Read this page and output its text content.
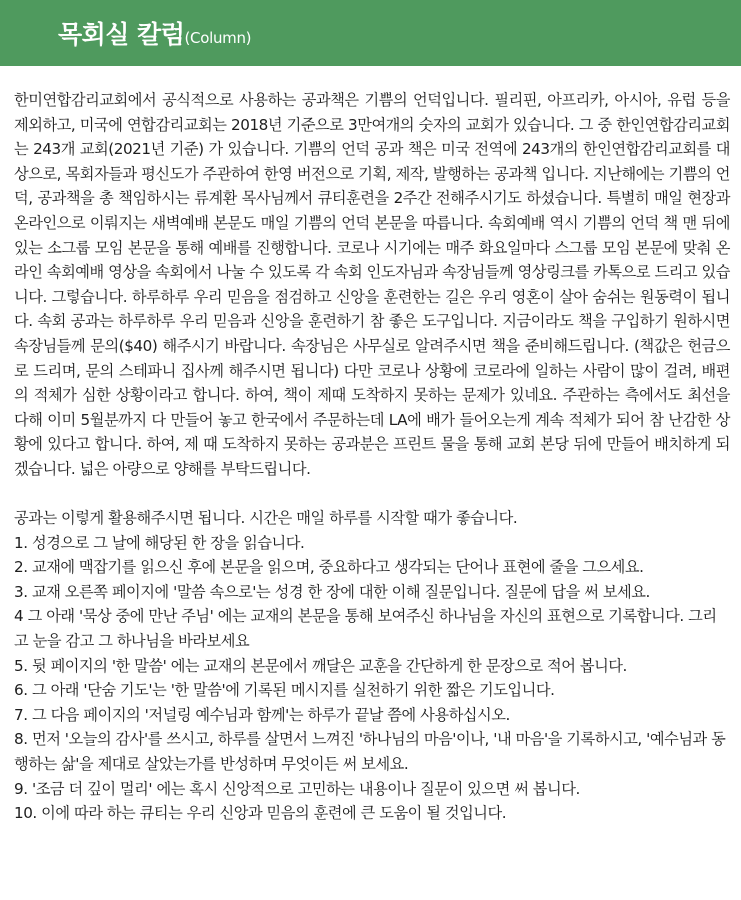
목회실 칼럼(Column)

한미연합감리교회에서 공식적으로 사용하는 공과책은 기쁨의 언덕입니다. 필리핀, 아프리카, 아시아, 유럽 등을 제외하고, 미국에 연합감리교회는 2018년 기준으로 3만여개의 숫자의 교회가 있습니다. 그 중 한인연합감리교회는 243개 교회(2021년 기준) 가 있습니다. 기쁨의 언덕 공과 책은 미국 전역에 243개의 한인연합감리교회를 대상으로, 목회자들과 평신도가 주관하여 한영 버전으로 기획, 제작, 발행하는 공과책 입니다. 지난해에는 기쁨의 언덕, 공과책을 총 책임하시는 류계환 목사님께서 큐티훈련을 2주간 전해주시기도 하셨습니다. 특별히 매일 현장과 온라인으로 이뤄지는 새벽예배 본문도 매일 기쁨의 언덕 본문을 따릅니다. 속회예배 역시 기쁨의 언덕 책 맨 뒤에 있는 소그룹 모임 본문을 통해 예배를 진행합니다. 코로나 시기에는 매주 화요일마다 스그룹 모임 본문에 맞춰 온라인 속회예배 영상을 속회에서 나눌 수 있도록 각 속회 인도자님과 속장님들께 영상링크를 카톡으로 드리고 있습니다. 그렇습니다. 하루하루 우리 믿음을 점검하고 신앙을 훈련한는 길은 우리 영혼이 살아 숨쉬는 원동력이 됩니다. 속회 공과는 하루하루 우리 믿음과 신앙을 훈련하기 참 좋은 도구입니다. 지금이라도 책을 구입하기 원하시면 속장님들께 문의($40) 해주시기 바랍니다. 속장님은 사무실로 알려주시면 책을 준비해드립니다. (책값은 헌금으로 드리며, 문의 스테파니 집사께 해주시면 됩니다) 다만 코로나 상황에 코로라에 일하는 사람이 많이 걸려, 배편의 적체가 심한 상황이라고 합니다. 하여, 책이 제때 도착하지 못하는 문제가 있네요. 주관하는 측에서도 최선을 다해 이미 5월분까지 다 만들어 놓고 한국에서 주문하는데 LA에 배가 들어오는게 계속 적체가 되어 참 난감한 상황에 있다고 합니다. 하여, 제 때 도착하지 못하는 공과분은 프린트 물을 통해 교회 본당 뒤에 만들어 배치하게 되겠습니다. 넓은 아량으로 양해를 부탁드립니다.

공과는 이렇게 활용해주시면 됩니다. 시간은 매일 하루를 시작할 때가 좋습니다.

1. 성경으로 그 날에 해당된 한 장을 읽습니다.

2. 교재에 맥잡기를 읽으신 후에 본문을 읽으며, 중요하다고 생각되는 단어나 표현에 줄을 그으세요.

3. 교재 오른쪽 페이지에 '말씀 속으로'는 성경 한 장에 대한 이해 질문입니다. 질문에 답을 써 보세요.

4 그 아래 '묵상 중에 만난 주님' 에는 교재의 본문을 통해 보여주신 하나님을 자신의 표현으로 기록합니다. 그리고 눈을 감고 그 하나님을 바라보세요

5. 뒷 페이지의 '한 말씀' 에는 교재의 본문에서 깨달은 교훈을 간단하게 한 문장으로 적어 봅니다.

6. 그 아래 '단숨 기도'는 '한 말씀'에 기록된 메시지를 실천하기 위한 짧은 기도입니다.

7. 그 다음 페이지의 '저널링 예수님과 함께'는 하루가 끝날 쯤에 사용하십시오.

8. 먼저 '오늘의 감사'를 쓰시고, 하루를 살면서 느껴진 '하나님의 마음'이나, '내 마음'을 기록하시고, '예수님과 동행하는 삶'을 제대로 살았는가를 반성하며 무엇이든 써 보세요.

9. '조금 더 깊이 멀리' 에는 혹시 신앙적으로 고민하는 내용이나 질문이 있으면 써 봅니다.

10. 이에 따라 하는 큐티는 우리 신앙과 믿음의 훈련에 큰 도움이 될 것입니다.
